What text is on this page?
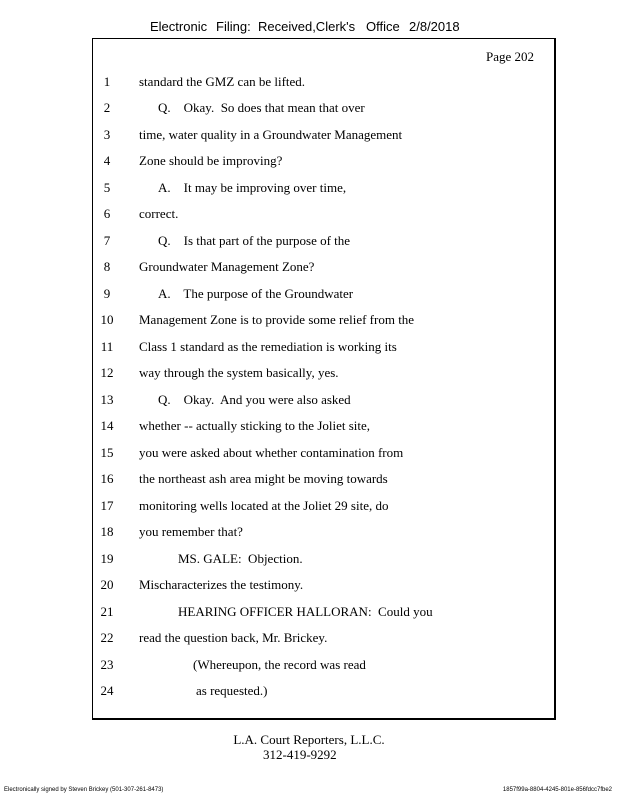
Electronic Filing: Received,Clerk's Office 2/8/2018
Page 202
1	standard the GMZ can be lifted.
2	Q.    Okay.  So does that mean that over
3	time, water quality in a Groundwater Management
4	Zone should be improving?
5	A.    It may be improving over time,
6	correct.
7	Q.    Is that part of the purpose of the
8	Groundwater Management Zone?
9	A.    The purpose of the Groundwater
10	Management Zone is to provide some relief from the
11	Class 1 standard as the remediation is working its
12	way through the system basically, yes.
13	Q.    Okay.  And you were also asked
14	whether -- actually sticking to the Joliet site,
15	you were asked about whether contamination from
16	the northeast ash area might be moving towards
17	monitoring wells located at the Joliet 29 site, do
18	you remember that?
19	MS. GALE:  Objection.
20	Mischaracterizes the testimony.
21	HEARING OFFICER HALLORAN:  Could you
22	read the question back, Mr. Brickey.
23	(Whereupon, the record was read
24	as requested.)
L.A. Court Reporters, L.L.C.
312-419-9292
Electronically signed by Steven Brickey (501-307-261-8473)	1857f99a-8804-4245-801e-856fdcc7fbe2
